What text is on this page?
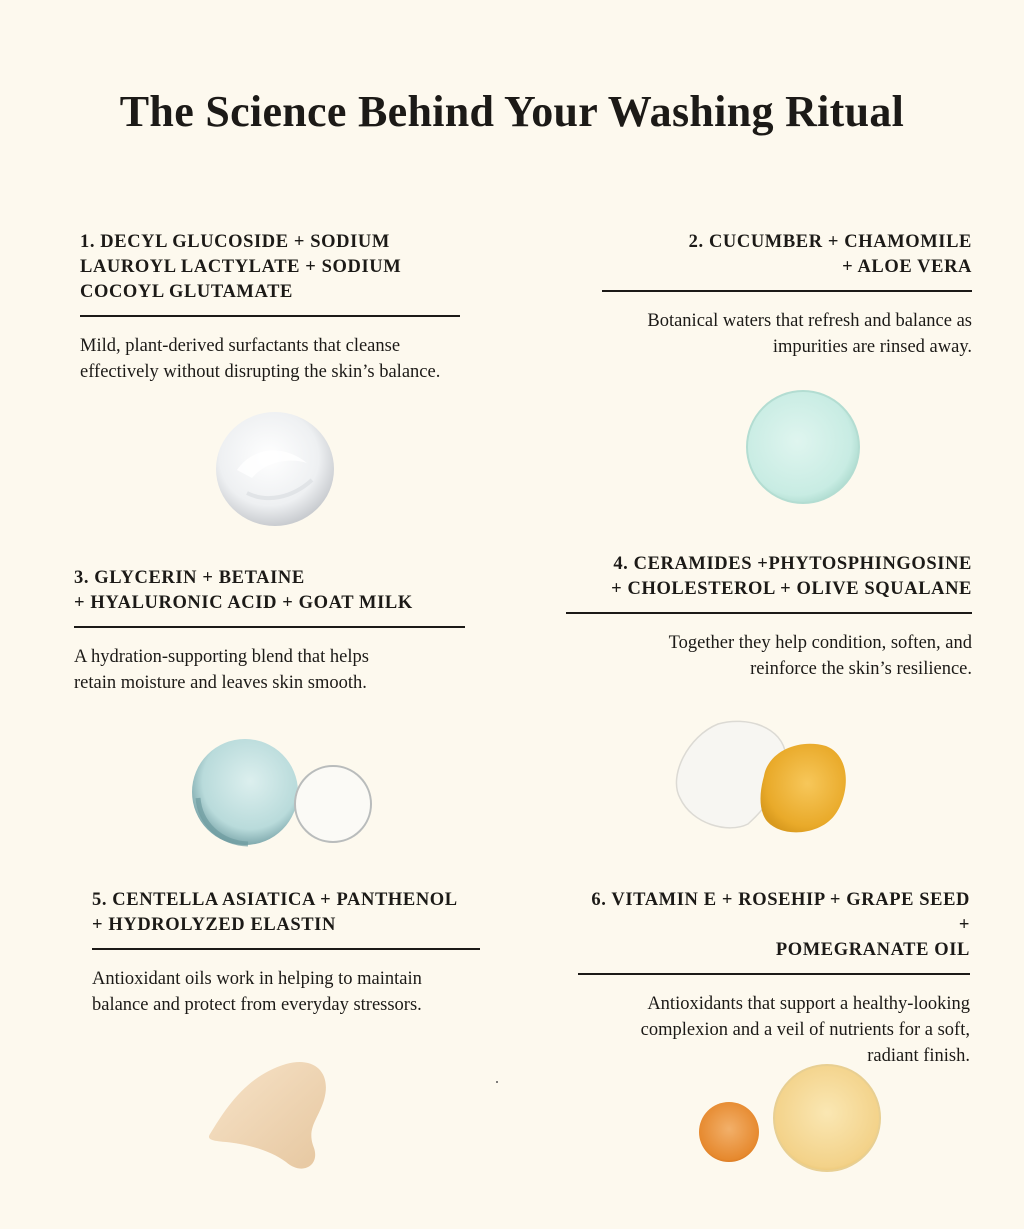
The Science Behind Your Washing Ritual
1. DECYL GLUCOSIDE + SODIUM
LAUROYL LACTYLATE + SODIUM
COCOYL GLUTAMATE
Mild, plant-derived surfactants that cleanse
effectively without disrupting the skin’s balance.
2. CUCUMBER + CHAMOMILE
+ ALOE VERA
Botanical waters that refresh and balance as
impurities are rinsed away.
3. GLYCERIN + BETAINE
+ HYALURONIC ACID + GOAT MILK
A hydration-supporting blend that helps
retain moisture and leaves skin smooth.
4. CERAMIDES +PHYTOSPHINGOSINE
+ CHOLESTEROL + OLIVE SQUALANE
Together they help condition, soften, and
reinforce the skin’s resilience.
5. CENTELLA ASIATICA + PANTHENOL
+ HYDROLYZED ELASTIN
Antioxidant oils work in helping to maintain
balance and protect from everyday stressors.
6. VITAMIN E + ROSEHIP + GRAPE SEED +
POMEGRANATE OIL
Antioxidants that support a healthy-looking
complexion and a veil of nutrients for a soft,
radiant finish.
